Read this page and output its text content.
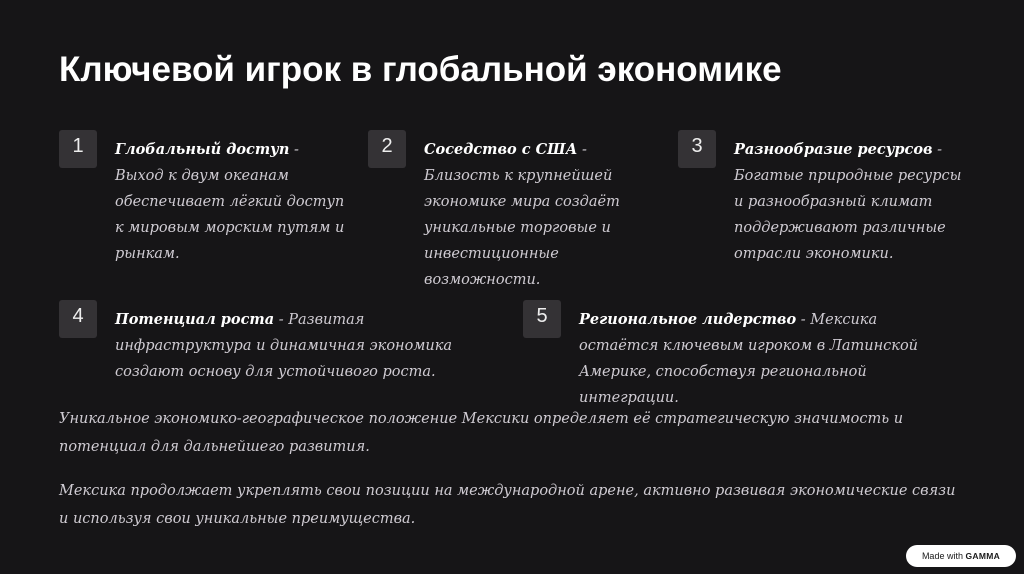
Ключевой игрок в глобальной экономике
1	Глобальный доступ - Выход к двум океанам обеспечивает лёгкий доступ к мировым морским путям и рынкам.
2	Соседство с США - Близость к крупнейшей экономике мира создаёт уникальные торговые и инвестиционные возможности.
3	Разнообразие ресурсов - Богатые природные ресурсы и разнообразный климат поддерживают различные отрасли экономики.
4	Потенциал роста - Развитая инфраструктура и динамичная экономика создают основу для устойчивого роста.
5	Региональное лидерство - Мексика остаётся ключевым игроком в Латинской Америке, способствуя региональной интеграции.

Уникальное экономико-географическое положение Мексики определяет её стратегическую значимость и потенциал для дальнейшего развития.

Мексика продолжает укреплять свои позиции на международной арене, активно развивая экономические связи и используя свои уникальные преимущества.

Made with GAMMA
